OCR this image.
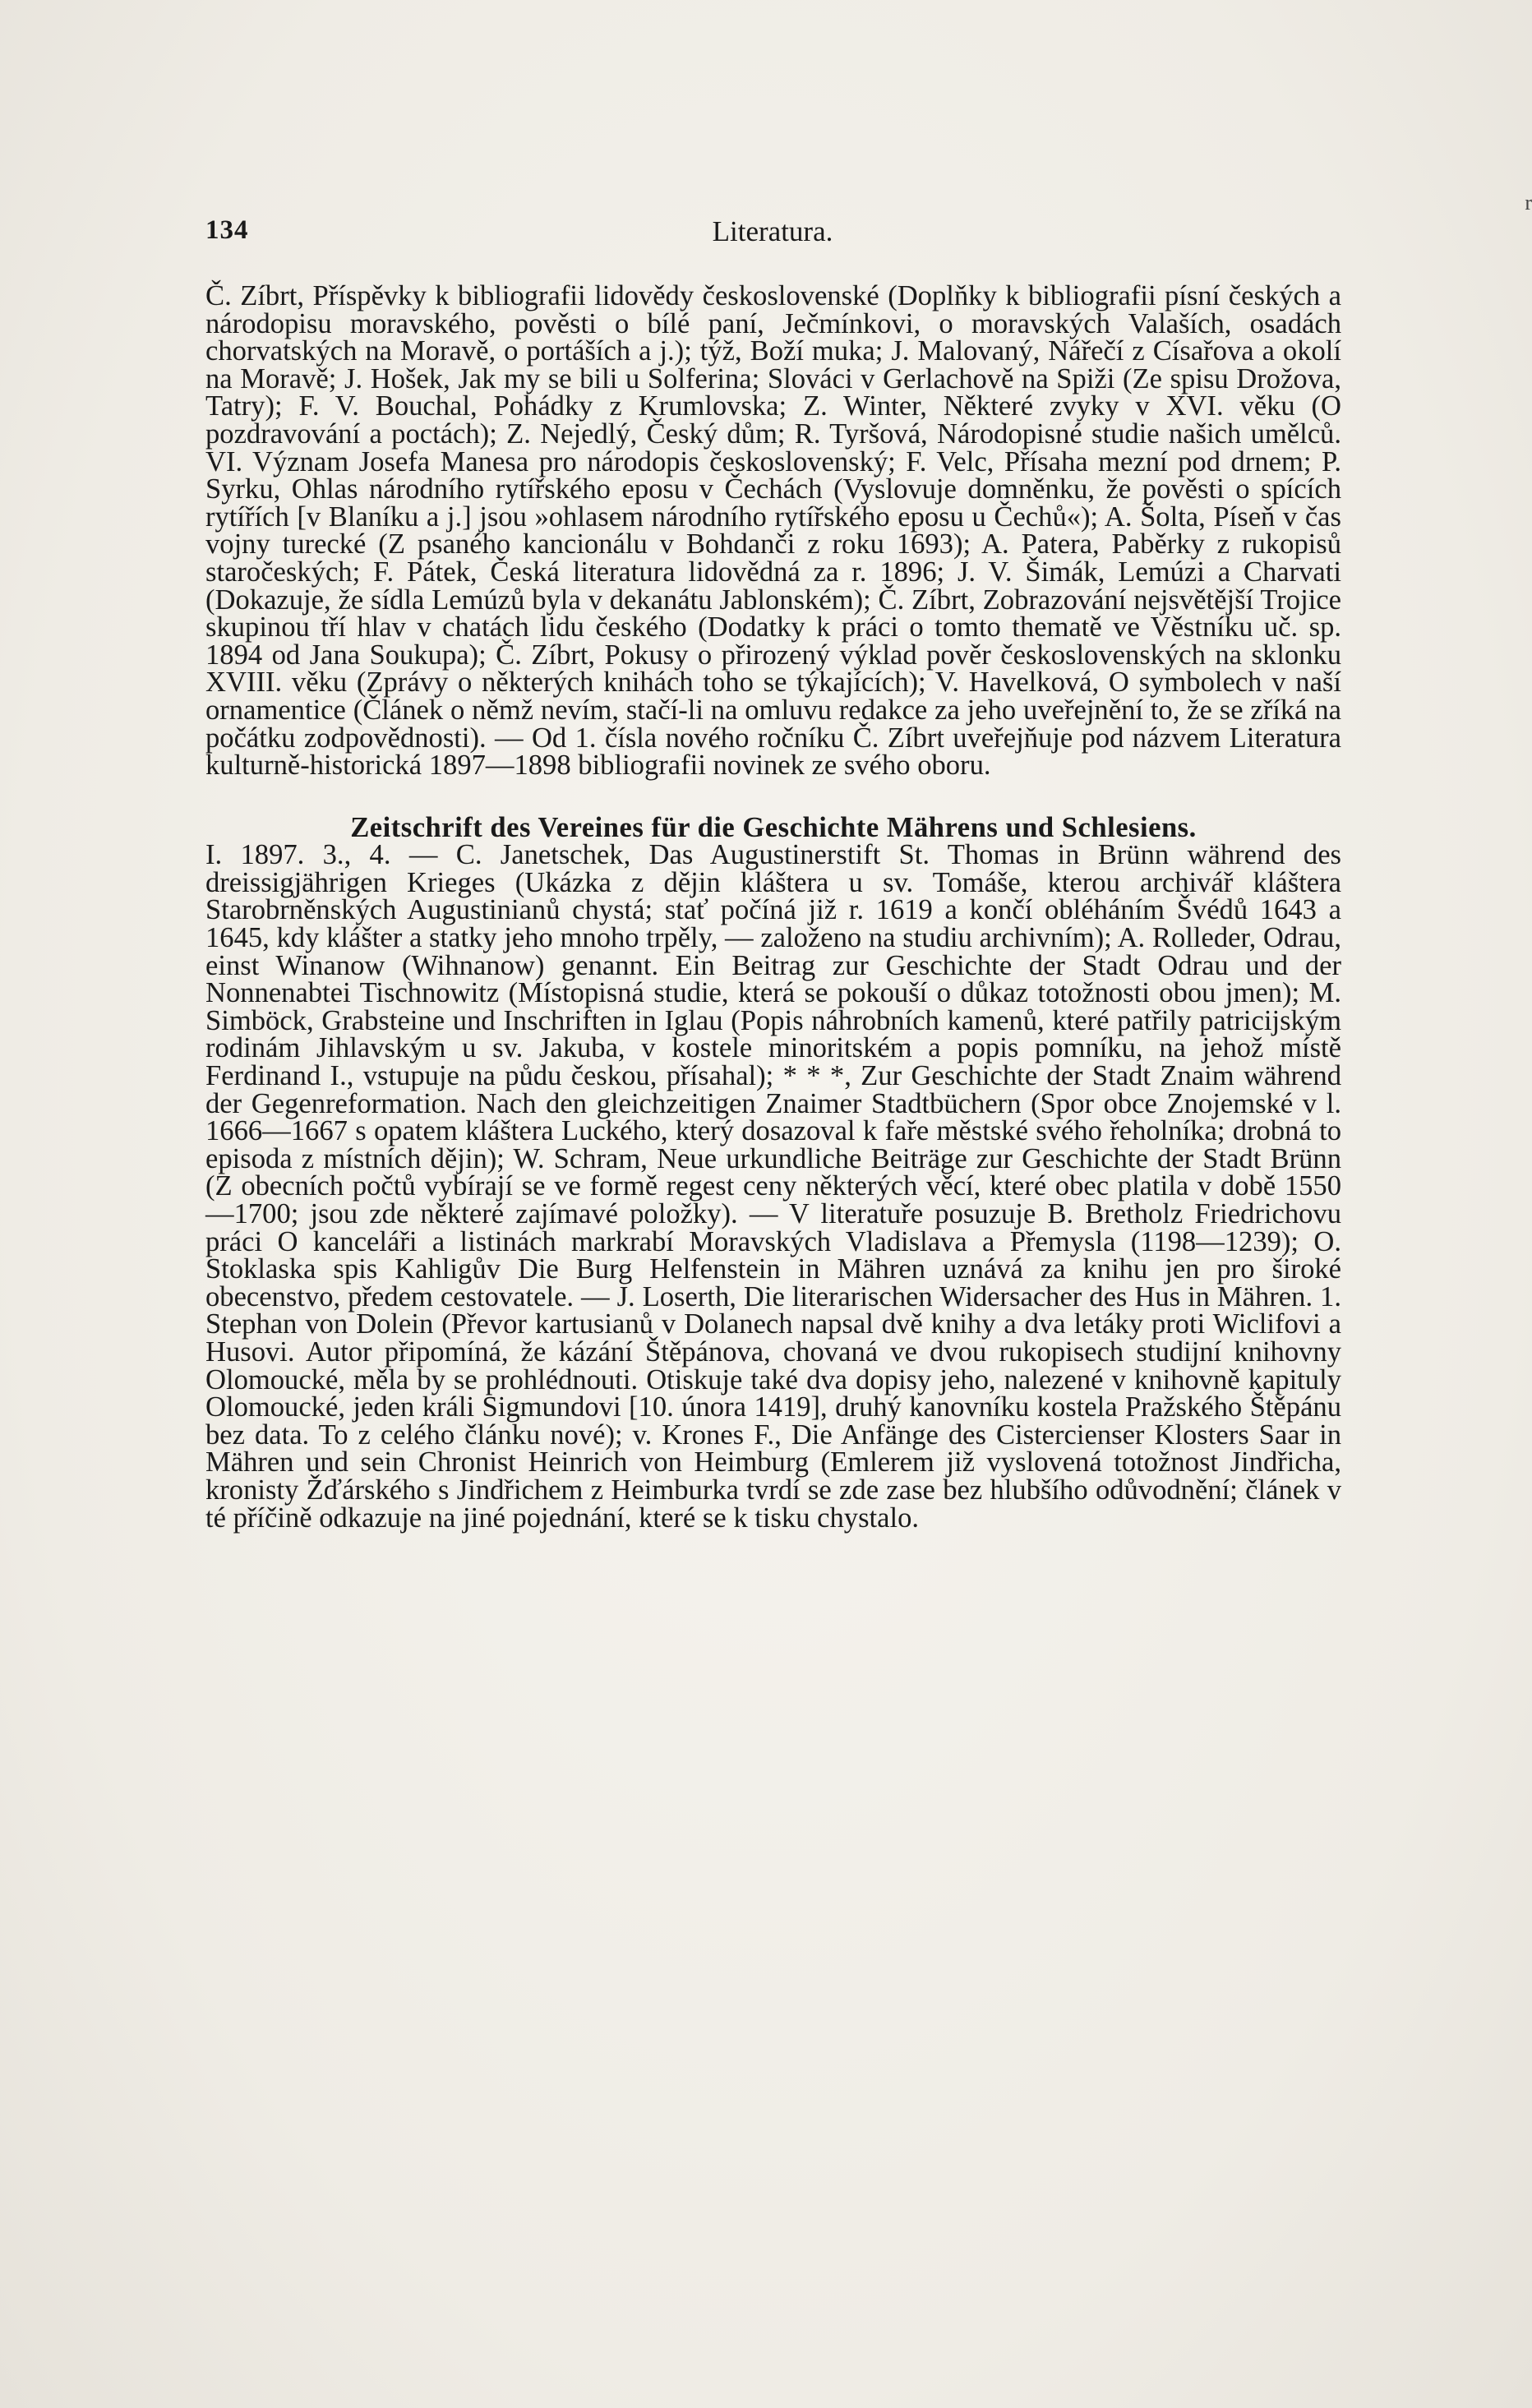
r
134	Literatura.

Č. Zíbrt, Příspěvky k bibliografii lidovědy československé (Doplňky k bibliografii písní českých a národopisu moravského, pověsti o bílé paní, Ječmínkovi, o moravských Valaších, osadách chorvatských na Moravě, o portáších a j.); týž, Boží muka; J. Malovaný, Nářečí z Císařova a okolí na Moravě; J. Hošek, Jak my se bili u Solferina; Slováci v Gerlachově na Spiži (Ze spisu Drožova, Tatry); F. V. Bouchal, Pohádky z Krumlovska; Z. Winter, Některé zvyky v XVI. věku (O pozdravování a poctách); Z. Nejedlý, Český dům; R. Tyršová, Národopisné studie našich umělců. VI. Význam Josefa Manesa pro národopis československý; F. Velc, Přísaha mezní pod drnem; P. Syrku, Ohlas národního rytířského eposu v Čechách (Vyslovuje domněnku, že pověsti o spících rytířích [v Blaníku a j.] jsou »ohlasem národního rytířského eposu u Čechů«); A. Šolta, Píseň v čas vojny turecké (Z psaného kancionálu v Bohdanči z roku 1693); A. Patera, Paběrky z rukopisů staročeských; F. Pátek, Česká literatura lidovědná za r. 1896; J. V. Šimák, Lemúzi a Charvati (Dokazuje, že sídla Lemúzů byla v dekanátu Jablonském); Č. Zíbrt, Zobrazování nejsvětější Trojice skupinou tří hlav v chatách lidu českého (Dodatky k práci o tomto thematě ve Věstníku uč. sp. 1894 od Jana Soukupa); Č. Zíbrt, Pokusy o přirozený výklad pověr československých na sklonku XVIII. věku (Zprávy o některých knihách toho se týkajících); V. Havelková, O symbolech v naší ornamentice (Článek o němž nevím, stačí-li na omluvu redakce za jeho uveřejnění to, že se zříká na počátku zodpovědnosti). — Od 1. čísla nového ročníku Č. Zíbrt uveřejňuje pod názvem Literatura kulturně-historická 1897—1898 bibliografii novinek ze svého oboru.

Zeitschrift des Vereines für die Geschichte Mährens und Schlesiens.

I. 1897. 3., 4. — C. Janetschek, Das Augustinerstift St. Thomas in Brünn während des dreissigjährigen Krieges (Ukázka z dějin kláštera u sv. Tomáše, kterou archivář kláštera Starobrněnských Augustinianů chystá; stať počíná již r. 1619 a končí obléháním Švédů 1643 a 1645, kdy klášter a statky jeho mnoho trpěly, — založeno na studiu archivním); A. Rolleder, Odrau, einst Winanow (Wihnanow) genannt. Ein Beitrag zur Geschichte der Stadt Odrau und der Nonnenabtei Tischnowitz (Místopisná studie, která se pokouší o důkaz totožnosti obou jmen); M. Simböck, Grabsteine und Inschriften in Iglau (Popis náhrobních kamenů, které patřily patricijským rodinám Jihlavským u sv. Jakuba, v kostele minoritském a popis pomníku, na jehož místě Ferdinand I., vstupuje na půdu českou, přísahal); * * *, Zur Geschichte der Stadt Znaim während der Gegenreformation. Nach den gleichzeitigen Znaimer Stadtbüchern (Spor obce Znojemské v l. 1666—1667 s opatem kláštera Luckého, který dosazoval k faře městské svého řeholníka; drobná to episoda z místních dějin); W. Schram, Neue urkundliche Beiträge zur Geschichte der Stadt Brünn (Z obecních počtů vybírají se ve formě regest ceny některých věcí, které obec platila v době 1550—1700; jsou zde některé zajímavé položky). — V literatuře posuzuje B. Bretholz Friedrichovu práci O kanceláři a listinách markrabí Moravských Vladislava a Přemysla (1198—1239); O. Stoklaska spis Kahligův Die Burg Helfenstein in Mähren uznává za knihu jen pro široké obecenstvo, předem cestovatele. — J. Loserth, Die literarischen Widersacher des Hus in Mähren. 1. Stephan von Dolein (Převor kartusianů v Dolanech napsal dvě knihy a dva letáky proti Wiclifovi a Husovi. Autor připomíná, že kázání Štěpánova, chovaná ve dvou rukopisech studijní knihovny Olomoucké, měla by se prohlédnouti. Otiskuje také dva dopisy jeho, nalezené v knihovně kapituly Olomoucké, jeden králi Sigmundovi [10. února 1419], druhý kanovníku kostela Pražského Štěpánu bez data. To z celého článku nové); v. Krones F., Die Anfänge des Cistercienser Klosters Saar in Mähren und sein Chronist Heinrich von Heimburg (Emlerem již vyslovená totožnost Jindřicha, kronisty Žďárského s Jindřichem z Heimburka tvrdí se zde zase bez hlubšího odůvodnění; článek v té příčině odkazuje na jiné pojednání, které se k tisku chystalo.
